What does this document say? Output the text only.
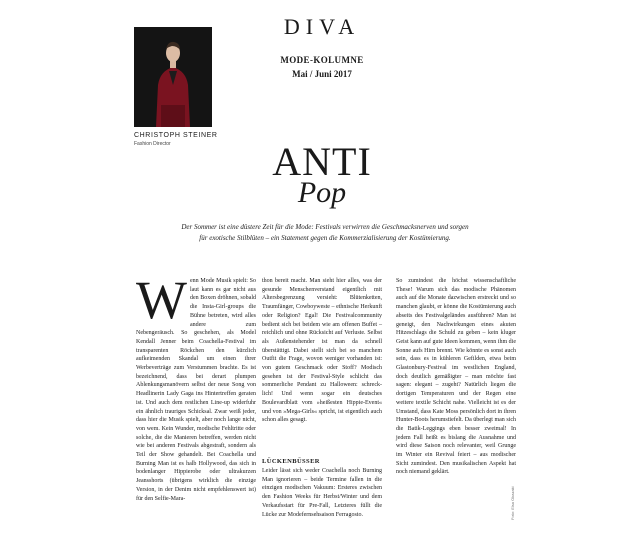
CHRISTOPH STEINER
Fashion Director
DIVA
MODE-KOLUMNE
Mai / Juni 2017
ANTI
Pop

Der Sommer ist eine düstere Zeit für die Mode: Festivals verwirren die Geschmacksnerven und sorgen für exotische Stilblüten – ein Statement gegen die Kommerzialisierung der Kostümierung.

Wenn Mode Musik spielt: So laut kann es gar nicht aus den Boxen dröhnen, sobald die Insta-Girl-groups die Bühne betreten, wird alles andere zum Nebengeräusch. So geschehen, als Model Kendall Jenner beim Coachella-Festival im transparenten Röckchen den kürzlich aufkeimenden Skandal um einen ihrer Werbeverträge zum Verstummen brachte. Es ist bezeichnend, dass bei derart plumpen Ablenkungsmanövern selbst der neue Song von Headlinerin Lady Gaga ins Hintertreffen geraten ist. Und auch dem restlichen Line-up widerfuhr ein ähnlich trauriges Schicksal. Zwar weiß jeder, dass hier die Musik spielt, aber noch lange nicht, von wem. Kein Wunder, modische Fehltritte oder solche, die die Manieren betreffen, werden nicht wie bei anderen Festivals abgestraft, sondern als Teil der Show gehandelt. Bei Coachella und Burning Man ist es halb Hollywood, das sich in bodenlanger Hippierobe oder ultrakurzen Jeansshorts (übrigens wirklich die einzige Version, in der Denim nicht empfehlenswert ist) für den Selfie-Mara-

thon bereit macht. Man sieht hier alles, was der gesunde Menschenverstand eigentlich mit Altersbegrenzung versieht: Blütenketten, Traumfänger, Cowboyweste – ethnische Herkunft oder Religion? Egal! Die Festivalcommunity bedient sich bei beidem wie am offenen Buffet – reichlich und ohne Rücksicht auf Verluste. Selbst als Außenstehender ist man da schnell überstättigt. Dabei stellt sich bei so manchem Outfit die Frage, wovon weniger vorhanden ist: von gutem Geschmack oder Stoff? Modisch gesehen ist der Festival-Style schlicht das sommerliche Pendant zu Halloween: schreck-lich! Und wenn sogar ein deutsches Boulevardblatt vom »heißesten Hippie-Event« und von »Mega-Girls« spricht, ist eigentlich auch schon alles gesagt.

LÜCKENBÜSSER

Leider lässt sich weder Coachella noch Burning Man ignorieren – beide Termine fallen in die einzigen modischen Vakuum: Ersteres zwischen den Fashion Weeks für Herbst/Winter und dem Verkaufsstart für Pre-Fall, Letzteres füllt die Lücke zur Modefernsehsaison Ferragosto.

So zumindest die höchst wissenschaftliche These! Warum sich das modische Phänomen auch auf die Monate dazwischen erstreckt und so manchen glaubt, er könne die Kostümierung auch abseits des Festivalgeländes ausführen? Man ist geneigt, den Nachwirkungen eines akuten Hitzeschlags die Schuld zu geben – kein kluger Geist kann auf gute Ideen kommen, wenn ihm die Sonne aufs Hirn brennt. Wie könnte es sonst auch sein, dass es in kühleren Gefilden, etwa beim Glastonbury-Festival im westlichen England, doch deutlich gemäßigter – man möchte fast sagen: elegant – zugeht? Natürlich liegen die dortigen Temperaturen und der Regen eine weitere textile Schicht nahe. Vielleicht ist es der Umstand, dass Kate Moss persönlich dort in ihren Hunter-Boots herumstiefelt. Da überlegt man sich die Batik-Leggings eben besser zweimal! In jedem Fall heißt es bislang die Ausnahme und wird diese Saison noch relevanter, weil Grunge im Winter ein Revival feiert – aus modischer Sicht zumindest. Den musikalischen Aspekt hat noch niemand geklärt.

Foto: Elsa Okazaki
